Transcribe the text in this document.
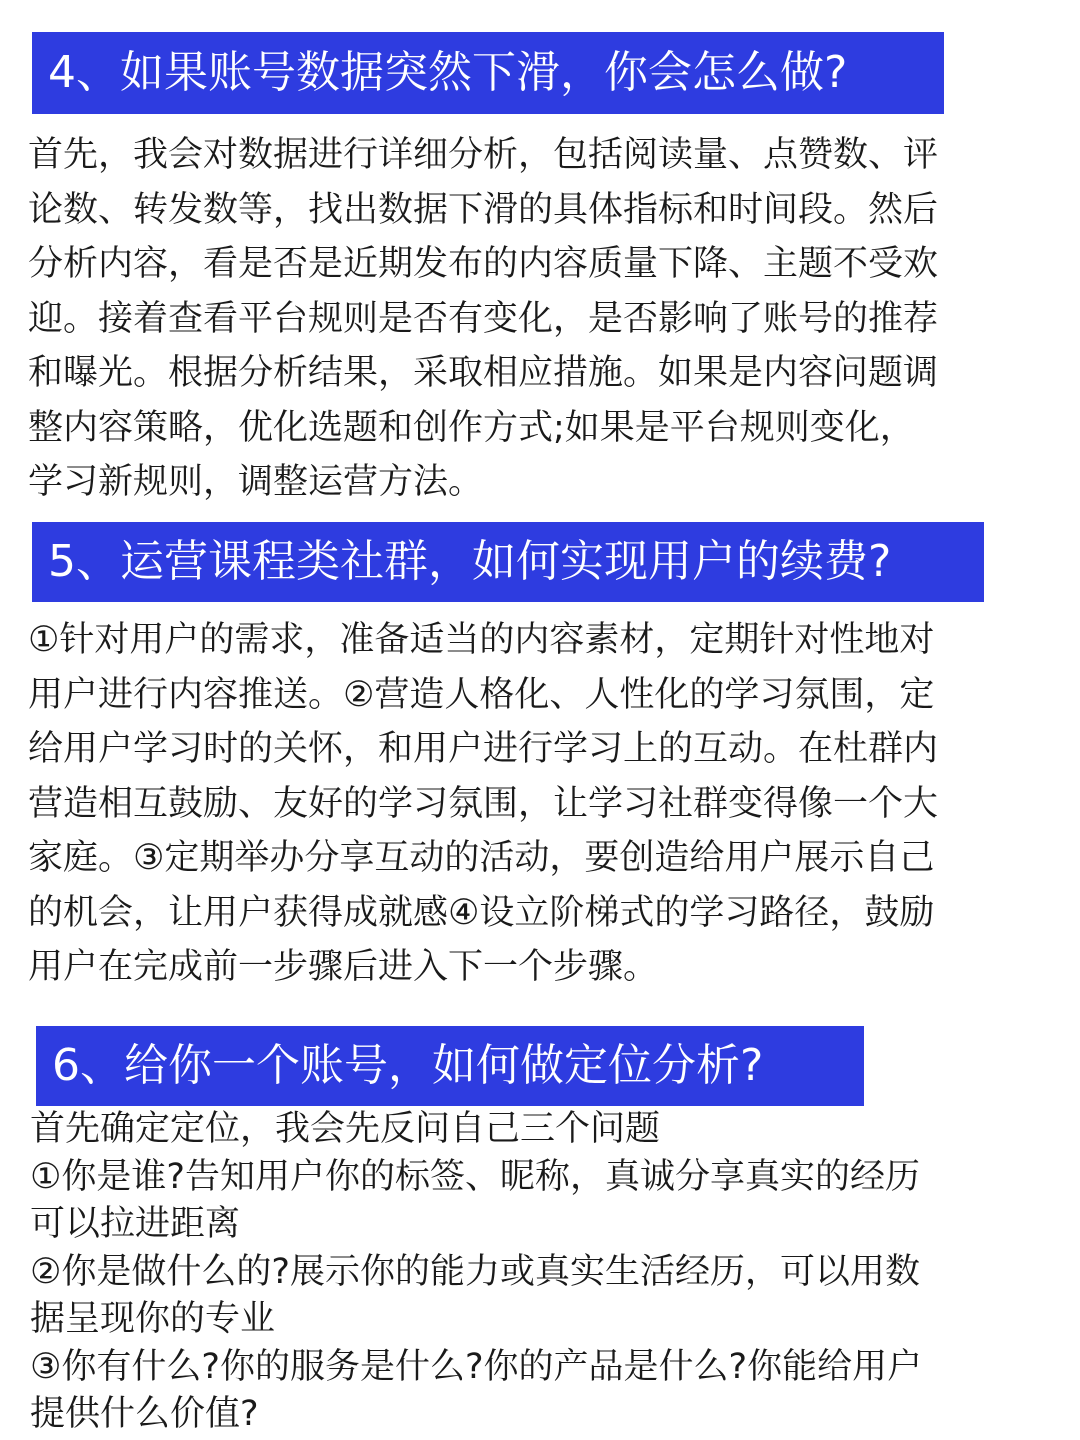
4、如果账号数据突然下滑，你会怎么做?
首先，我会对数据进行详细分析，包括阅读量、点赞数、评
论数、转发数等，找出数据下滑的具体指标和时间段。然后
分析内容，看是否是近期发布的内容质量下降、主题不受欢
迎。接着查看平台规则是否有变化，是否影响了账号的推荐
和曝光。根据分析结果，采取相应措施。如果是内容问题调
整内容策略，优化选题和创作方式;如果是平台规则变化，
学习新规则，调整运营方法。
5、运营课程类社群，如何实现用户的续费?
①针对用户的需求，准备适当的内容素材，定期针对性地对
用户进行内容推送。②营造人格化、人性化的学习氛围，定
给用户学习时的关怀，和用户进行学习上的互动。在杜群内
营造相互鼓励、友好的学习氛围，让学习社群变得像一个大
家庭。③定期举办分享互动的活动，要创造给用户展示自己
的机会，让用户获得成就感④设立阶梯式的学习路径，鼓励
用户在完成前一步骤后进入下一个步骤。
6、给你一个账号，如何做定位分析?
首先确定定位，我会先反问自己三个问题
①你是谁?告知用户你的标签、昵称，真诚分享真实的经历
可以拉进距离
②你是做什么的?展示你的能力或真实生活经历，可以用数
据呈现你的专业
③你有什么?你的服务是什么?你的产品是什么?你能给用户
提供什么价值?
